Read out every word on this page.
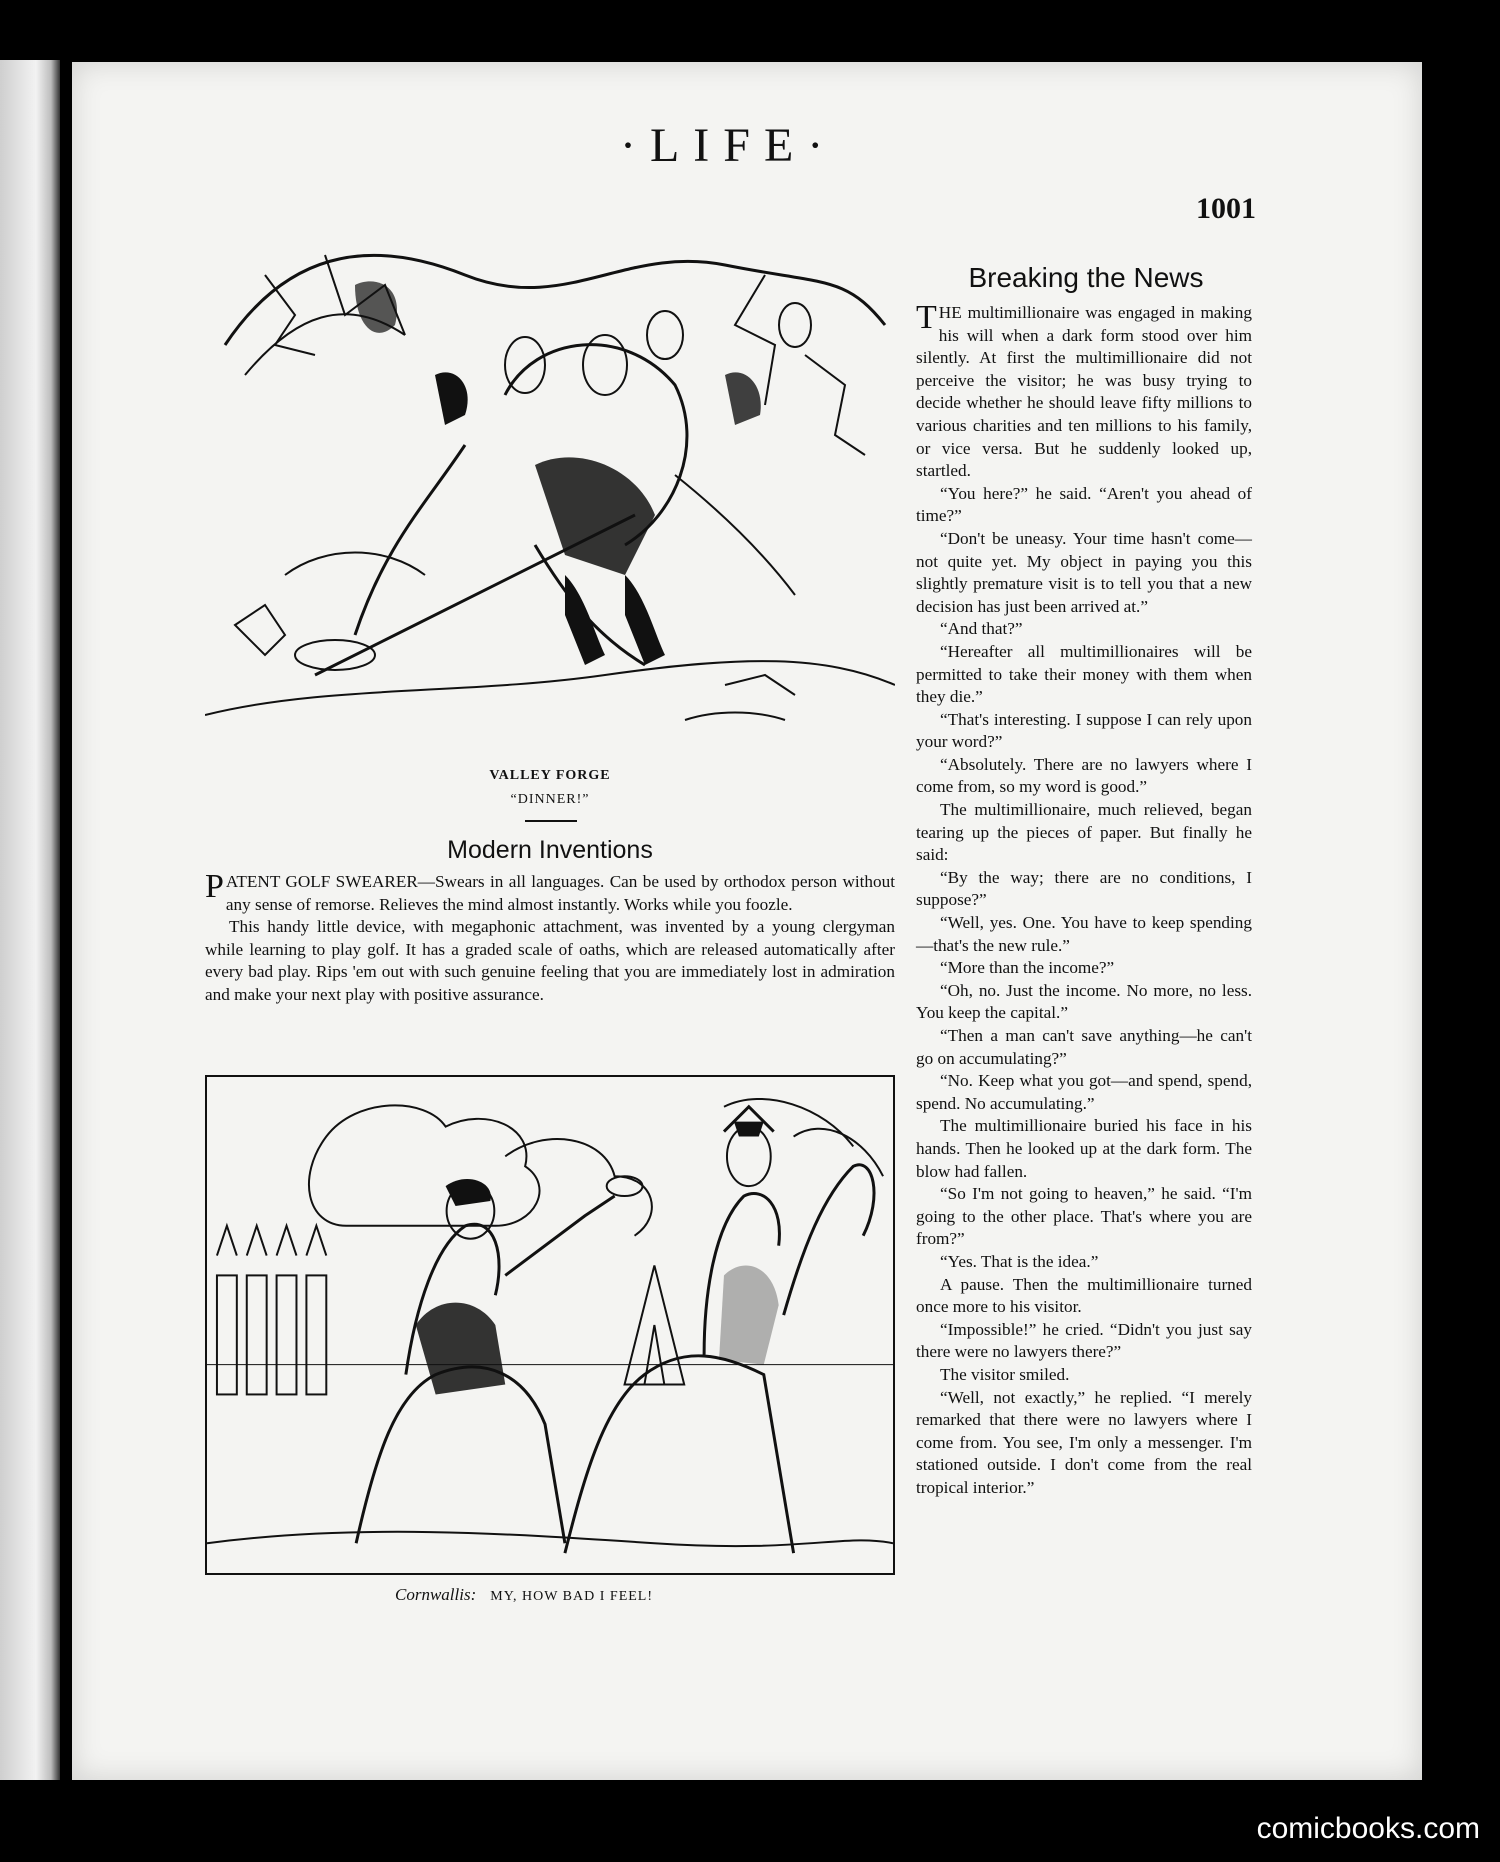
·LIFE·
1001
VALLEY FORGE
“DINNER!”
Modern Inventions

PATENT GOLF SWEARER—Swears in all languages. Can be used by orthodox person without any sense of remorse. Relieves the mind almost instantly. Works while you foozle.

This handy little device, with megaphonic attachment, was invented by a young clergyman while learning to play golf. It has a graded scale of oaths, which are released automatically after every bad play. Rips 'em out with such genuine feeling that you are immediately lost in admiration and make your next play with positive assurance.

Cornwallis: MY, HOW BAD I FEEL!
Breaking the News

THE multimillionaire was engaged in making his will when a dark form stood over him silently. At first the multimillionaire did not perceive the visitor; he was busy trying to decide whether he should leave fifty millions to various charities and ten millions to his family, or vice versa. But he suddenly looked up, startled.

“You here?” he said. “Aren't you ahead of time?”

“Don't be uneasy. Your time hasn't come—not quite yet. My object in paying you this slightly premature visit is to tell you that a new decision has just been arrived at.”

“And that?”

“Hereafter all multimillionaires will be permitted to take their money with them when they die.”

“That's interesting. I suppose I can rely upon your word?”

“Absolutely. There are no lawyers where I come from, so my word is good.”

The multimillionaire, much relieved, began tearing up the pieces of paper. But finally he said:

“By the way; there are no conditions, I suppose?”

“Well, yes. One. You have to keep spending—that's the new rule.”

“More than the income?”

“Oh, no. Just the income. No more, no less. You keep the capital.”

“Then a man can't save anything—he can't go on accumulating?”

“No. Keep what you got—and spend, spend, spend. No accumulating.”

The multimillionaire buried his face in his hands. Then he looked up at the dark form. The blow had fallen.

“So I'm not going to heaven,” he said. “I'm going to the other place. That's where you are from?”

“Yes. That is the idea.”

A pause. Then the multimillionaire turned once more to his visitor.

“Impossible!” he cried. “Didn't you just say there were no lawyers there?”

The visitor smiled.

“Well, not exactly,” he replied. “I merely remarked that there were no lawyers where I come from. You see, I'm only a messenger. I'm stationed outside. I don't come from the real tropical interior.”

comicbooks.com
